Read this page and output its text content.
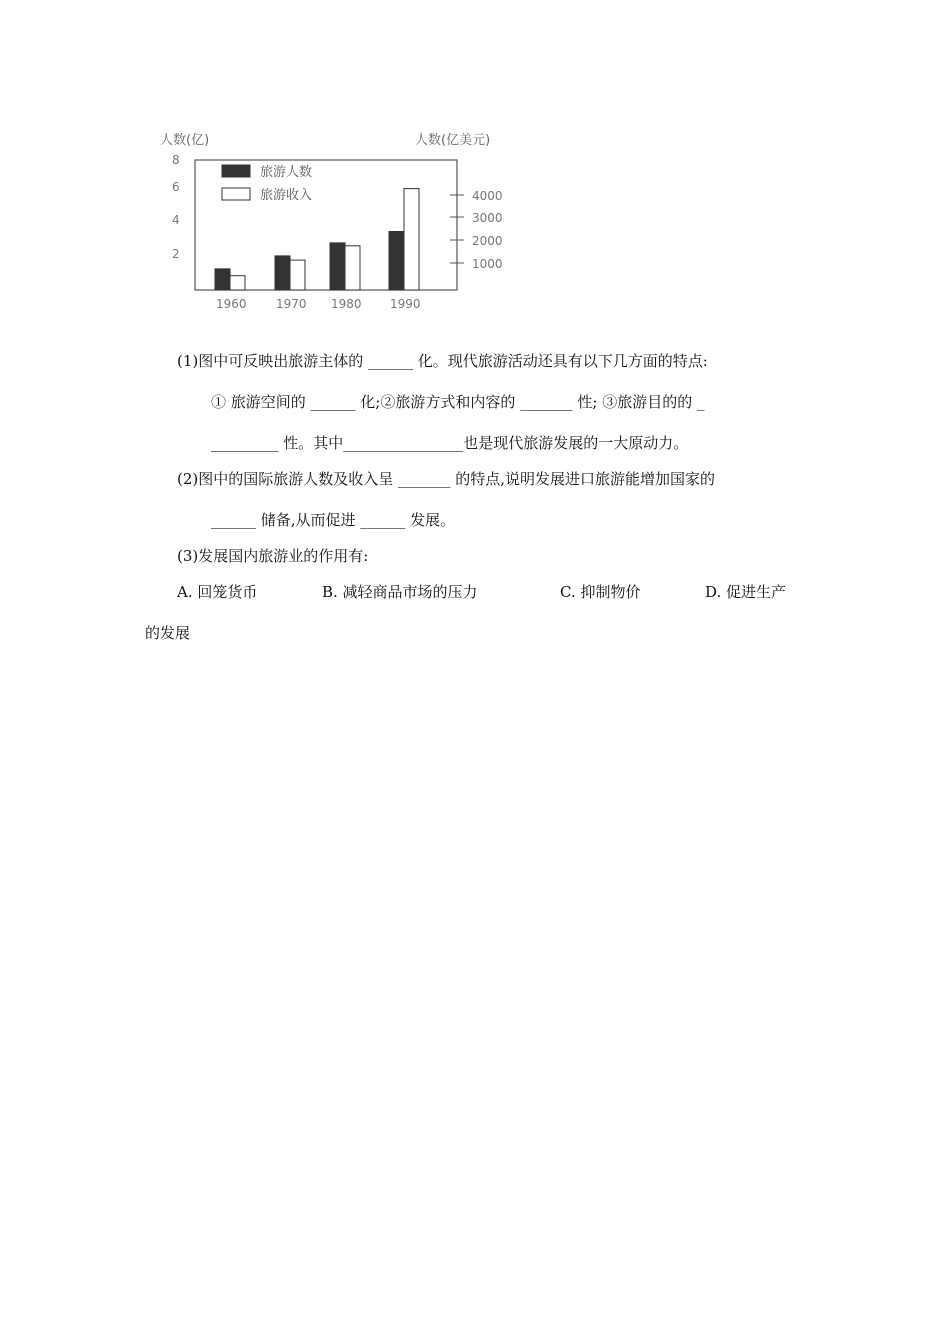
人数(亿)	人数(亿美元)
8
6
4
2
4000
3000
2000
1000
旅游人数
旅游收入
1960 1970 1980 1990
(1)图中可反映出旅游主体的 ______ 化。现代旅游活动还具有以下几方面的特点:
① 旅游空间的 ______ 化;②旅游方式和内容的 _______ 性; ③旅游目的的 _
_________ 性。其中________________也是现代旅游发展的一大原动力。
(2)图中的国际旅游人数及收入呈 _______ 的特点,说明发展进口旅游能增加国家的
______ 储备,从而促进 ______ 发展。
(3)发展国内旅游业的作用有:
A. 回笼货币	B. 减轻商品市场的压力	C. 抑制物价	D. 促进生产
的发展
